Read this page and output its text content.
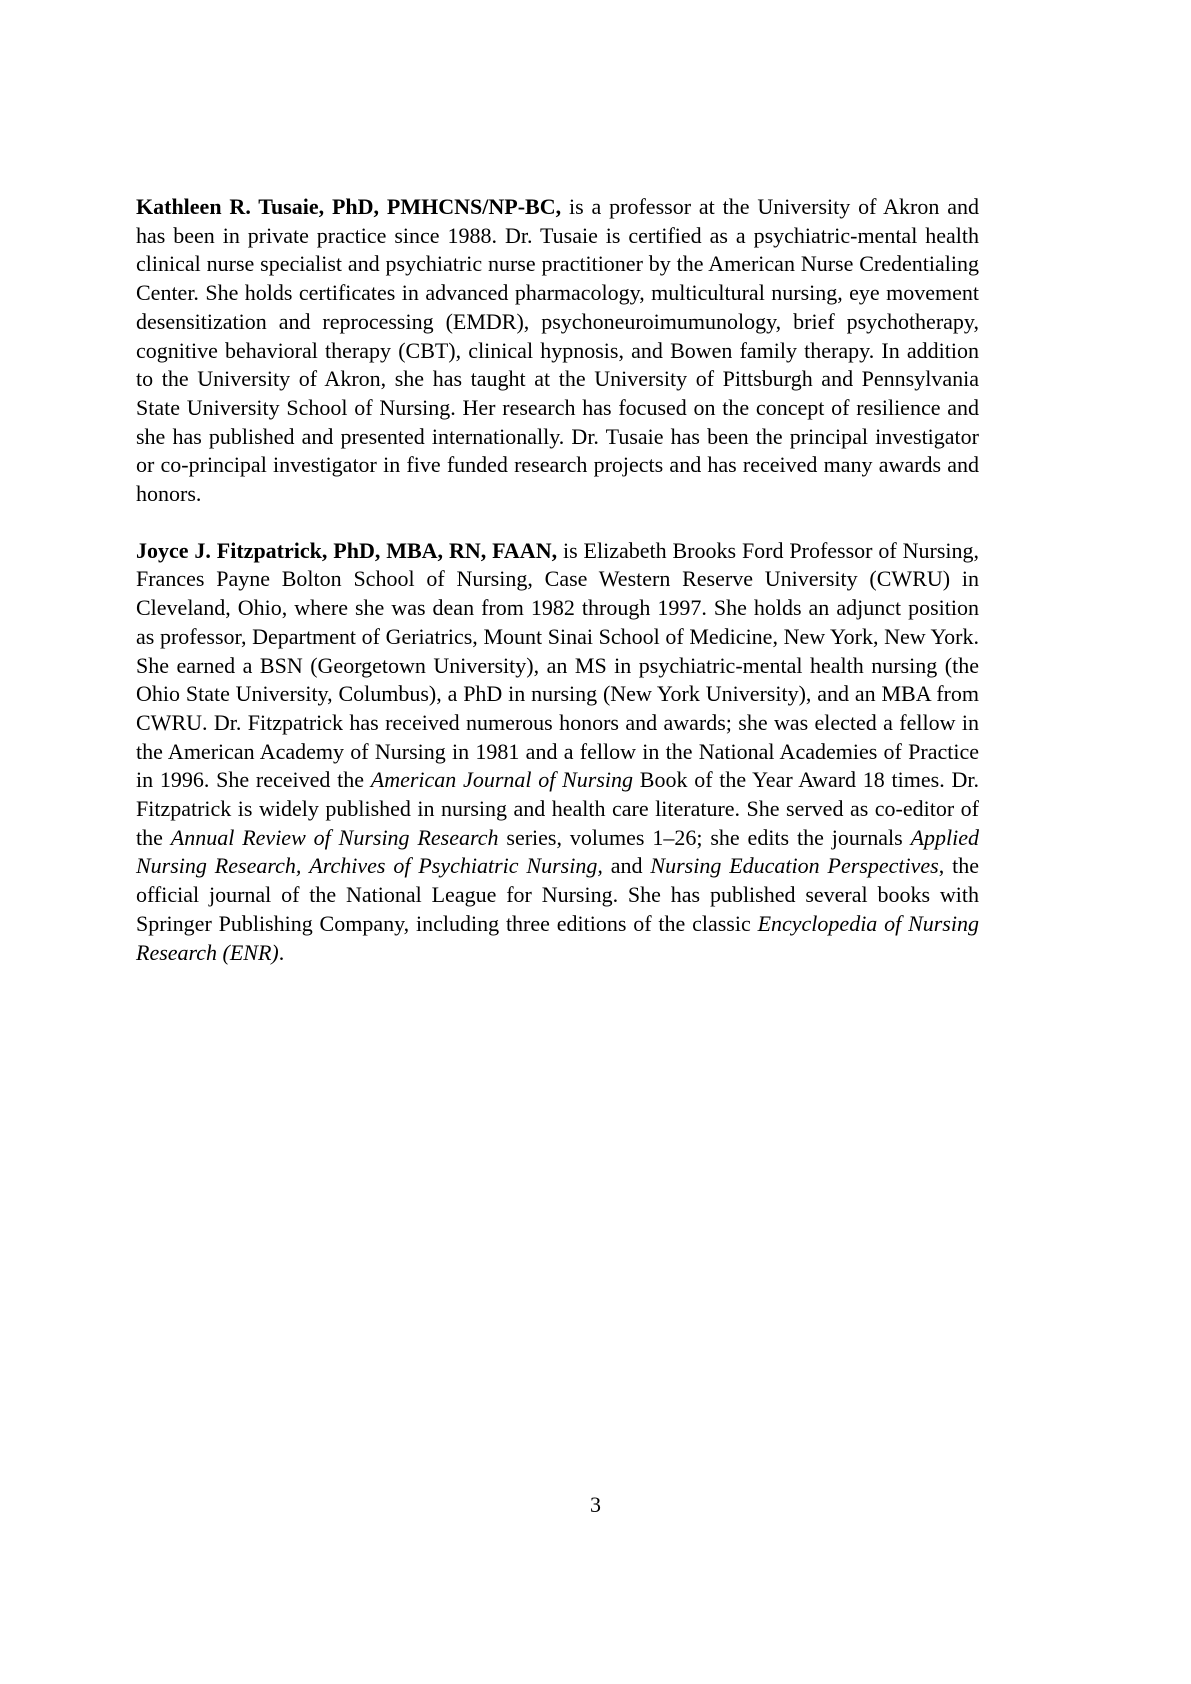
Kathleen R. Tusaie, PhD, PMHCNS/NP-BC, is a professor at the University of Akron and has been in private practice since 1988. Dr. Tusaie is certified as a psychiatric-mental health clinical nurse specialist and psychiatric nurse practitioner by the American Nurse Credentialing Center. She holds certificates in advanced pharmacology, multicultural nursing, eye movement desensitization and reprocessing (EMDR), psychoneuroimumunology, brief psychotherapy, cognitive behavioral therapy (CBT), clinical hypnosis, and Bowen family therapy. In addition to the University of Akron, she has taught at the University of Pittsburgh and Pennsylvania State University School of Nursing. Her research has focused on the concept of resilience and she has published and presented internationally. Dr. Tusaie has been the principal investigator or co-principal investigator in five funded research projects and has received many awards and honors.

Joyce J. Fitzpatrick, PhD, MBA, RN, FAAN, is Elizabeth Brooks Ford Professor of Nursing, Frances Payne Bolton School of Nursing, Case Western Reserve University (CWRU) in Cleveland, Ohio, where she was dean from 1982 through 1997. She holds an adjunct position as professor, Department of Geriatrics, Mount Sinai School of Medicine, New York, New York. She earned a BSN (Georgetown University), an MS in psychiatric-mental health nursing (the Ohio State University, Columbus), a PhD in nursing (New York University), and an MBA from CWRU. Dr. Fitzpatrick has received numerous honors and awards; she was elected a fellow in the American Academy of Nursing in 1981 and a fellow in the National Academies of Practice in 1996. She received the American Journal of Nursing Book of the Year Award 18 times. Dr. Fitzpatrick is widely published in nursing and health care literature. She served as co-editor of the Annual Review of Nursing Research series, volumes 1–26; she edits the journals Applied Nursing Research, Archives of Psychiatric Nursing, and Nursing Education Perspectives, the official journal of the National League for Nursing. She has published several books with Springer Publishing Company, including three editions of the classic Encyclopedia of Nursing Research (ENR).

3
